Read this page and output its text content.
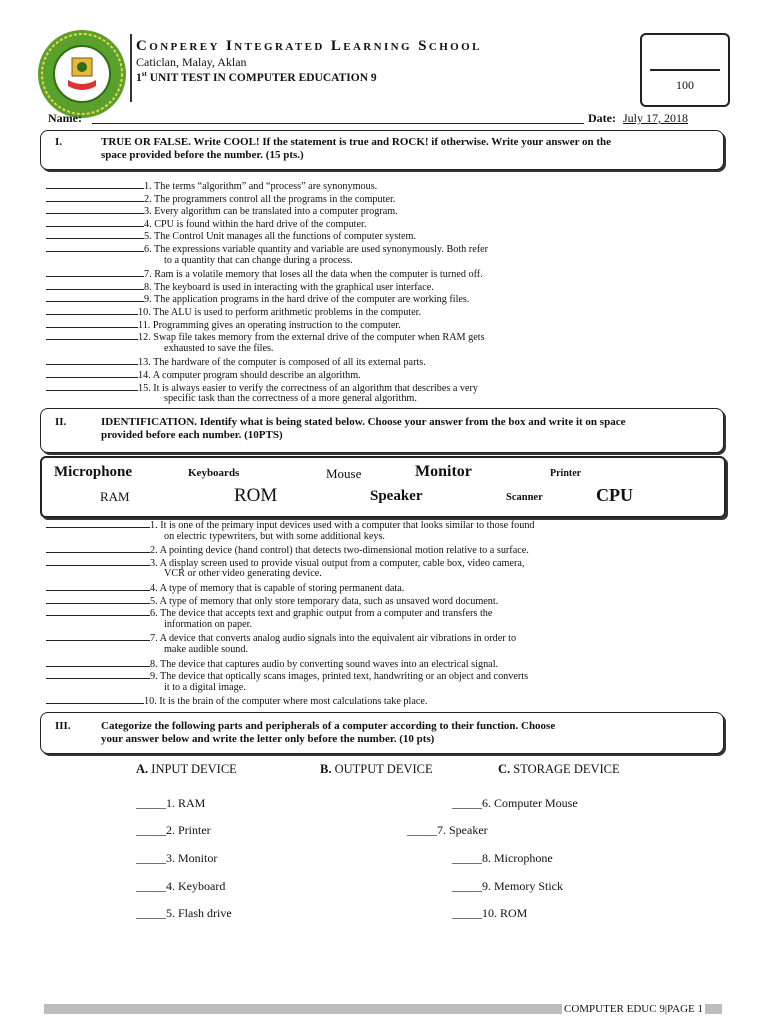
Conperey Integrated Learning School
Caticlan, Malay, Aklan
1st UNIT TEST IN COMPUTER EDUCATION 9
100
Name:	Date: July 17, 2018
I.	TRUE OR FALSE. Write COOL! If the statement is true and ROCK! if otherwise. Write your answer on the
space provided before the number. (15 pts.)
1. The terms “algorithm” and “process” are synonymous.
2. The programmers control all the programs in the computer.
3. Every algorithm can be translated into a computer program.
4. CPU is found within the hard drive of the computer.
5. The Control Unit manages all the functions of computer system.
6. The expressions variable quantity and variable are used synonymously. Both refer
to a quantity that can change during a process.
7. Ram is a volatile memory that loses all the data when the computer is turned off.
8. The keyboard is used in interacting with the graphical user interface.
9. The application programs in the hard drive of the computer are working files.
10. The ALU is used to perform arithmetic problems in the computer.
11. Programming gives an operating instruction to the computer.
12. Swap file takes memory from the external drive of the computer when RAM gets
exhausted to save the files.
13. The hardware of the computer is composed of all its external parts.
14. A computer program should describe an algorithm.
15. It is always easier to verify the correctness of an algorithm that describes a very
specific task than the correctness of a more general algorithm.
II.	IDENTIFICATION. Identify what is being stated below. Choose your answer from the box and write it on space
provided before each number. (10PTS)
Microphone	Keyboards	Mouse	Monitor	Printer
RAM	ROM	Speaker	Scanner	CPU
1. It is one of the primary input devices used with a computer that looks similar to those found
on electric typewriters, but with some additional keys.
2. A pointing device (hand control) that detects two-dimensional motion relative to a surface.
3. A display screen used to provide visual output from a computer, cable box, video camera,
VCR or other video generating device.
4. A type of memory that is capable of storing permanent data.
5. A type of memory that only store temporary data, such as unsaved word document.
6. The device that accepts text and graphic output from a computer and transfers the
information on paper.
7. A device that converts analog audio signals into the equivalent air vibrations in order to
make audible sound.
8. The device that captures audio by converting sound waves into an electrical signal.
9. The device that optically scans images, printed text, handwriting or an object and converts
it to a digital image.
10. It is the brain of the computer where most calculations take place.
III.	Categorize the following parts and peripherals of a computer according to their function. Choose
your answer below and write the letter only before the number. (10 pts)
A. INPUT DEVICE	B. OUTPUT DEVICE	C. STORAGE DEVICE
_____1. RAM
_____2. Printer
_____3. Monitor
_____4. Keyboard
_____5. Flash drive
_____6. Computer Mouse
_____7. Speaker
_____8. Microphone
_____9. Memory Stick
_____10. ROM
COMPUTER EDUC 9|PAGE 1
